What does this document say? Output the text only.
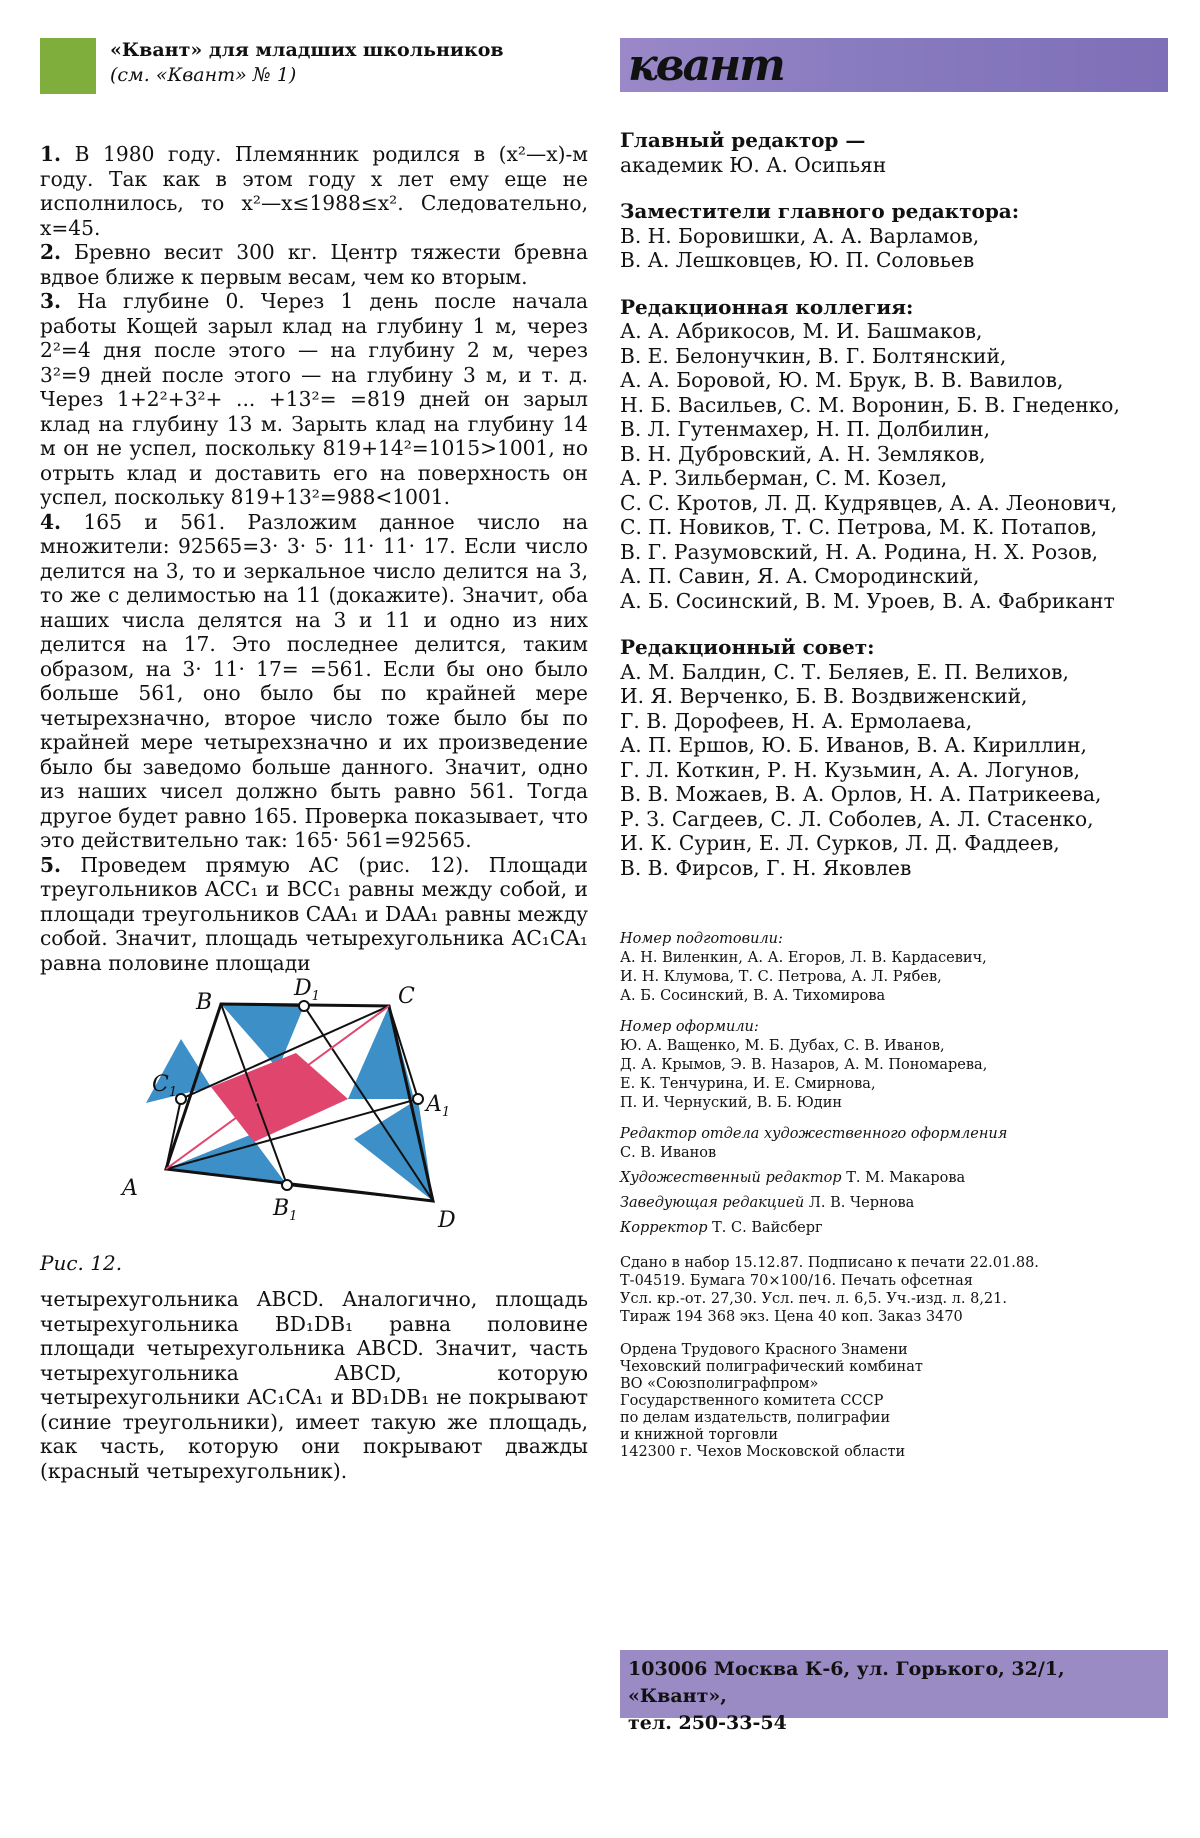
«Квант» для младших школьников
(см. «Квант» № 1)

1. В 1980 году. Племянник родился в (x²—x)-м году. Так как в этом году x лет ему еще не исполнилось, то x²—x≤1988≤x². Следовательно, x=45.

2. Бревно весит 300 кг. Центр тяжести бревна вдвое ближе к первым весам, чем ко вторым.

3. На глубине 0. Через 1 день после начала работы Кощей зарыл клад на глубину 1 м, через 2²=4 дня после этого — на глубину 2 м, через 3²=9 дней после этого — на глубину 3 м, и т. д. Через 1+2²+3²+ ... +13²= =819 дней он зарыл клад на глубину 13 м. Зарыть клад на глубину 14 м он не успел, поскольку 819+14²=1015>1001, но отрыть клад и доставить его на поверхность он успел, поскольку 819+13²=988<1001.

4. 165 и 561. Разложим данное число на множители: 92565=3· 3· 5· 11· 11· 17. Если число делится на 3, то и зеркальное число делится на 3, то же с делимостью на 11 (докажите). Значит, оба наших числа делятся на 3 и 11 и одно из них делится на 17. Это последнее делится, таким образом, на 3· 11· 17= =561. Если бы оно было больше 561, оно было бы по крайней мере четырехзначно, второе число тоже было бы по крайней мере четырехзначно и их произведение было бы заведомо больше данного. Значит, одно из наших чисел должно быть равно 561. Тогда другое будет равно 165. Проверка показывает, что это действительно так: 165· 561=92565.

5. Проведем прямую AC (рис. 12). Площади треугольников ACC₁ и BCC₁ равны между собой, и площади треугольников CAA₁ и DAA₁ равны между собой. Значит, площадь четырехугольника AC₁CA₁ равна половине площади

B	C
$D_1$
$C_1$	$A_1$
A
$B_1$	D
Рис. 12.

четырехугольника ABCD. Аналогично, площадь четырехугольника BD₁DB₁ равна половине площади четырехугольника ABCD. Значит, часть четырехугольника ABCD, которую четырехугольники AC₁CA₁ и BD₁DB₁ не покрывают (синие треугольники), имеет такую же площадь, как часть, которую они покрывают дважды (красный четырехугольник).

квант
Главный редактор —
академик Ю. А. Осипьян
Заместители главного редактора:
В. Н. Боровишки, А. А. Варламов,
В. А. Лешковцев, Ю. П. Соловьев
Редакционная коллегия:
А. А. Абрикосов, М. И. Башмаков,
В. Е. Белонучкин, В. Г. Болтянский,
А. А. Боровой, Ю. М. Брук, В. В. Вавилов,
Н. Б. Васильев, С. М. Воронин, Б. В. Гнеденко,
В. Л. Гутенмахер, Н. П. Долбилин,
В. Н. Дубровский, А. Н. Земляков,
А. Р. Зильберман, С. М. Козел,
С. С. Кротов, Л. Д. Кудрявцев, А. А. Леонович,
С. П. Новиков, Т. С. Петрова, М. К. Потапов,
В. Г. Разумовский, Н. А. Родина, Н. Х. Розов,
А. П. Савин, Я. А. Смородинский,
А. Б. Сосинский, В. М. Уроев, В. А. Фабрикант
Редакционный совет:
А. М. Балдин, С. Т. Беляев, Е. П. Велихов,
И. Я. Верченко, Б. В. Воздвиженский,
Г. В. Дорофеев, Н. А. Ермолаева,
А. П. Ершов, Ю. Б. Иванов, В. А. Кириллин,
Г. Л. Коткин, Р. Н. Кузьмин, А. А. Логунов,
В. В. Можаев, В. А. Орлов, Н. А. Патрикеева,
Р. З. Сагдеев, С. Л. Соболев, А. Л. Стасенко,
И. К. Сурин, Е. Л. Сурков, Л. Д. Фаддеев,
В. В. Фирсов, Г. Н. Яковлев
Номер подготовили:
А. Н. Виленкин, А. А. Егоров, Л. В. Кардасевич,
И. Н. Клумова, Т. С. Петрова, А. Л. Рябев,
А. Б. Сосинский, В. А. Тихомирова
Номер оформили:
Ю. А. Ващенко, М. Б. Дубах, С. В. Иванов,
Д. А. Крымов, Э. В. Назаров, А. М. Пономарева,
Е. К. Тенчурина, И. Е. Смирнова,
П. И. Чернуский, В. Б. Юдин
Редактор отдела художественного оформления
С. В. Иванов
Художественный редактор Т. М. Макарова
Заведующая редакцией Л. В. Чернова
Корректор Т. С. Вайсберг
Сдано в набор 15.12.87. Подписано к печати 22.01.88.
Т-04519. Бумага 70×100/16. Печать офсетная
Усл. кр.-от. 27,30. Усл. печ. л. 6,5. Уч.-изд. л. 8,21.
Тираж 194 368 экз. Цена 40 коп. Заказ 3470
Ордена Трудового Красного Знамени
Чеховский полиграфический комбинат
ВО «Союзполиграфпром»
Государственного комитета СССР
по делам издательств, полиграфии
и книжной торговли
142300 г. Чехов Московской области
103006 Москва К-6, ул. Горького, 32/1, «Квант»,
тел. 250-33-54
